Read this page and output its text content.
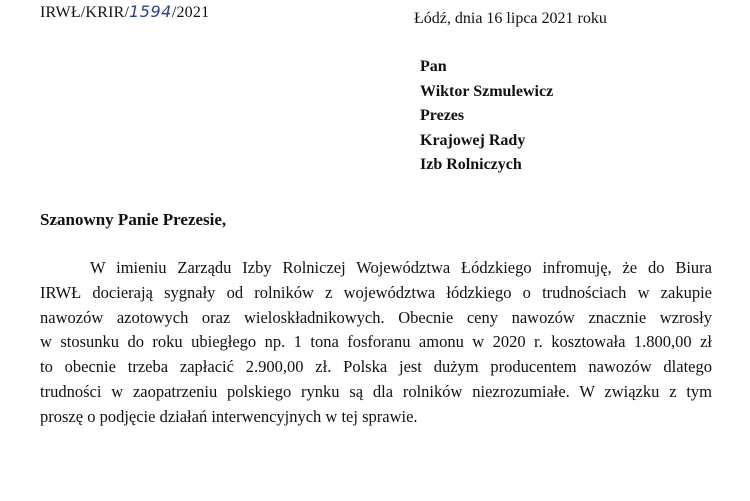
IRWŁ/KRIR/1594/2021	Łódź, dnia 16 lipca 2021 roku
Pan
Wiktor Szmulewicz
Prezes
Krajowej Rady
Izb Rolniczych
Szanowny Panie Prezesie,
W imieniu Zarządu Izby Rolniczej Województwa Łódzkiego infromuję, że do Biura
IRWŁ docierają sygnały od rolników z województwa łódzkiego o trudnościach w zakupie
nawozów azotowych oraz wieloskładnikowych. Obecnie ceny nawozów znacznie wzrosły
w stosunku do roku ubiegłego np. 1 tona fosforanu amonu w 2020 r. kosztowała 1.800,00 zł
to obecnie trzeba zapłacić 2.900,00 zł. Polska jest dużym producentem nawozów dlatego
trudności w zaopatrzeniu polskiego rynku są dla rolników niezrozumiałe. W związku z tym
proszę o podjęcie działań interwencyjnych w tej sprawie.
